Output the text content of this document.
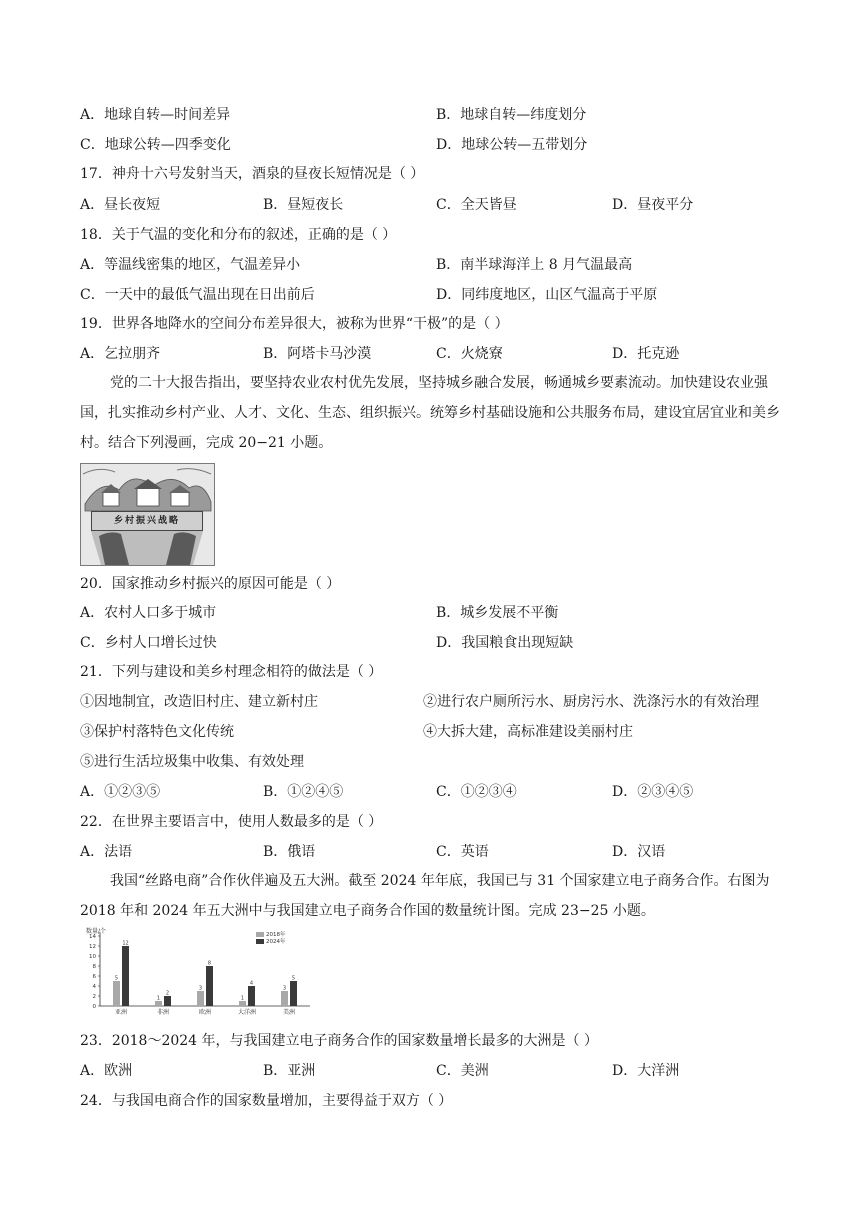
A．地球自转—时间差异	B．地球自转—纬度划分
C．地球公转—四季变化	D．地球公转—五带划分
17．神舟十六号发射当天，酒泉的昼夜长短情况是（ ）
A．昼长夜短	B．昼短夜长	C．全天皆昼	D．昼夜平分
18．关于气温的变化和分布的叙述，正确的是（ ）
A．等温线密集的地区，气温差异小	B．南半球海洋上 8 月气温最高
C．一天中的最低气温出现在日出前后	D．同纬度地区，山区气温高于平原
19．世界各地降水的空间分布差异很大，被称为世界“干极”的是（ ）
A．乞拉朋齐	B．阿塔卡马沙漠	C．火烧寮	D．托克逊

党的二十大报告指出，要坚持农业农村优先发展，坚持城乡融合发展，畅通城乡要素流动。加快建设农业强国，扎实推动乡村产业、人才、文化、生态、组织振兴。统筹乡村基础设施和公共服务布局，建设宜居宜业和美乡村。结合下列漫画，完成 20−21 小题。

乡村振兴战略
20．国家推动乡村振兴的原因可能是（ ）
A．农村人口多于城市	B．城乡发展不平衡
C．乡村人口增长过快	D．我国粮食出现短缺
21．下列与建设和美乡村理念相符的做法是（ ）
①因地制宜，改造旧村庄、建立新村庄	②进行农户厕所污水、厨房污水、洗涤污水的有效治理
③保护村落特色文化传统	④大拆大建，高标准建设美丽村庄
⑤进行生活垃圾集中收集、有效处理
A．①②③⑤	B．①②④⑤	C．①②③④	D．②③④⑤
22．在世界主要语言中，使用人数最多的是（ ）
A．法语	B．俄语	C．英语	D．汉语

我国“丝路电商”合作伙伴遍及五大洲。截至 2024 年年底，我国已与 31 个国家建立电子商务合作。右图为 2018 年和 2024 年五大洲中与我国建立电子商务合作国的数量统计图。完成 23−25 小题。

数量/个
0
2
4
6
8
10
12
14
5
12
亚洲
1
2
非洲
3
8
欧洲
1
4
大洋洲
3
5
美洲
2018年
2024年
23．2018～2024 年，与我国建立电子商务合作的国家数量增长最多的大洲是（ ）
A．欧洲	B．亚洲	C．美洲	D．大洋洲
24．与我国电商合作的国家数量增加，主要得益于双方（ ）
